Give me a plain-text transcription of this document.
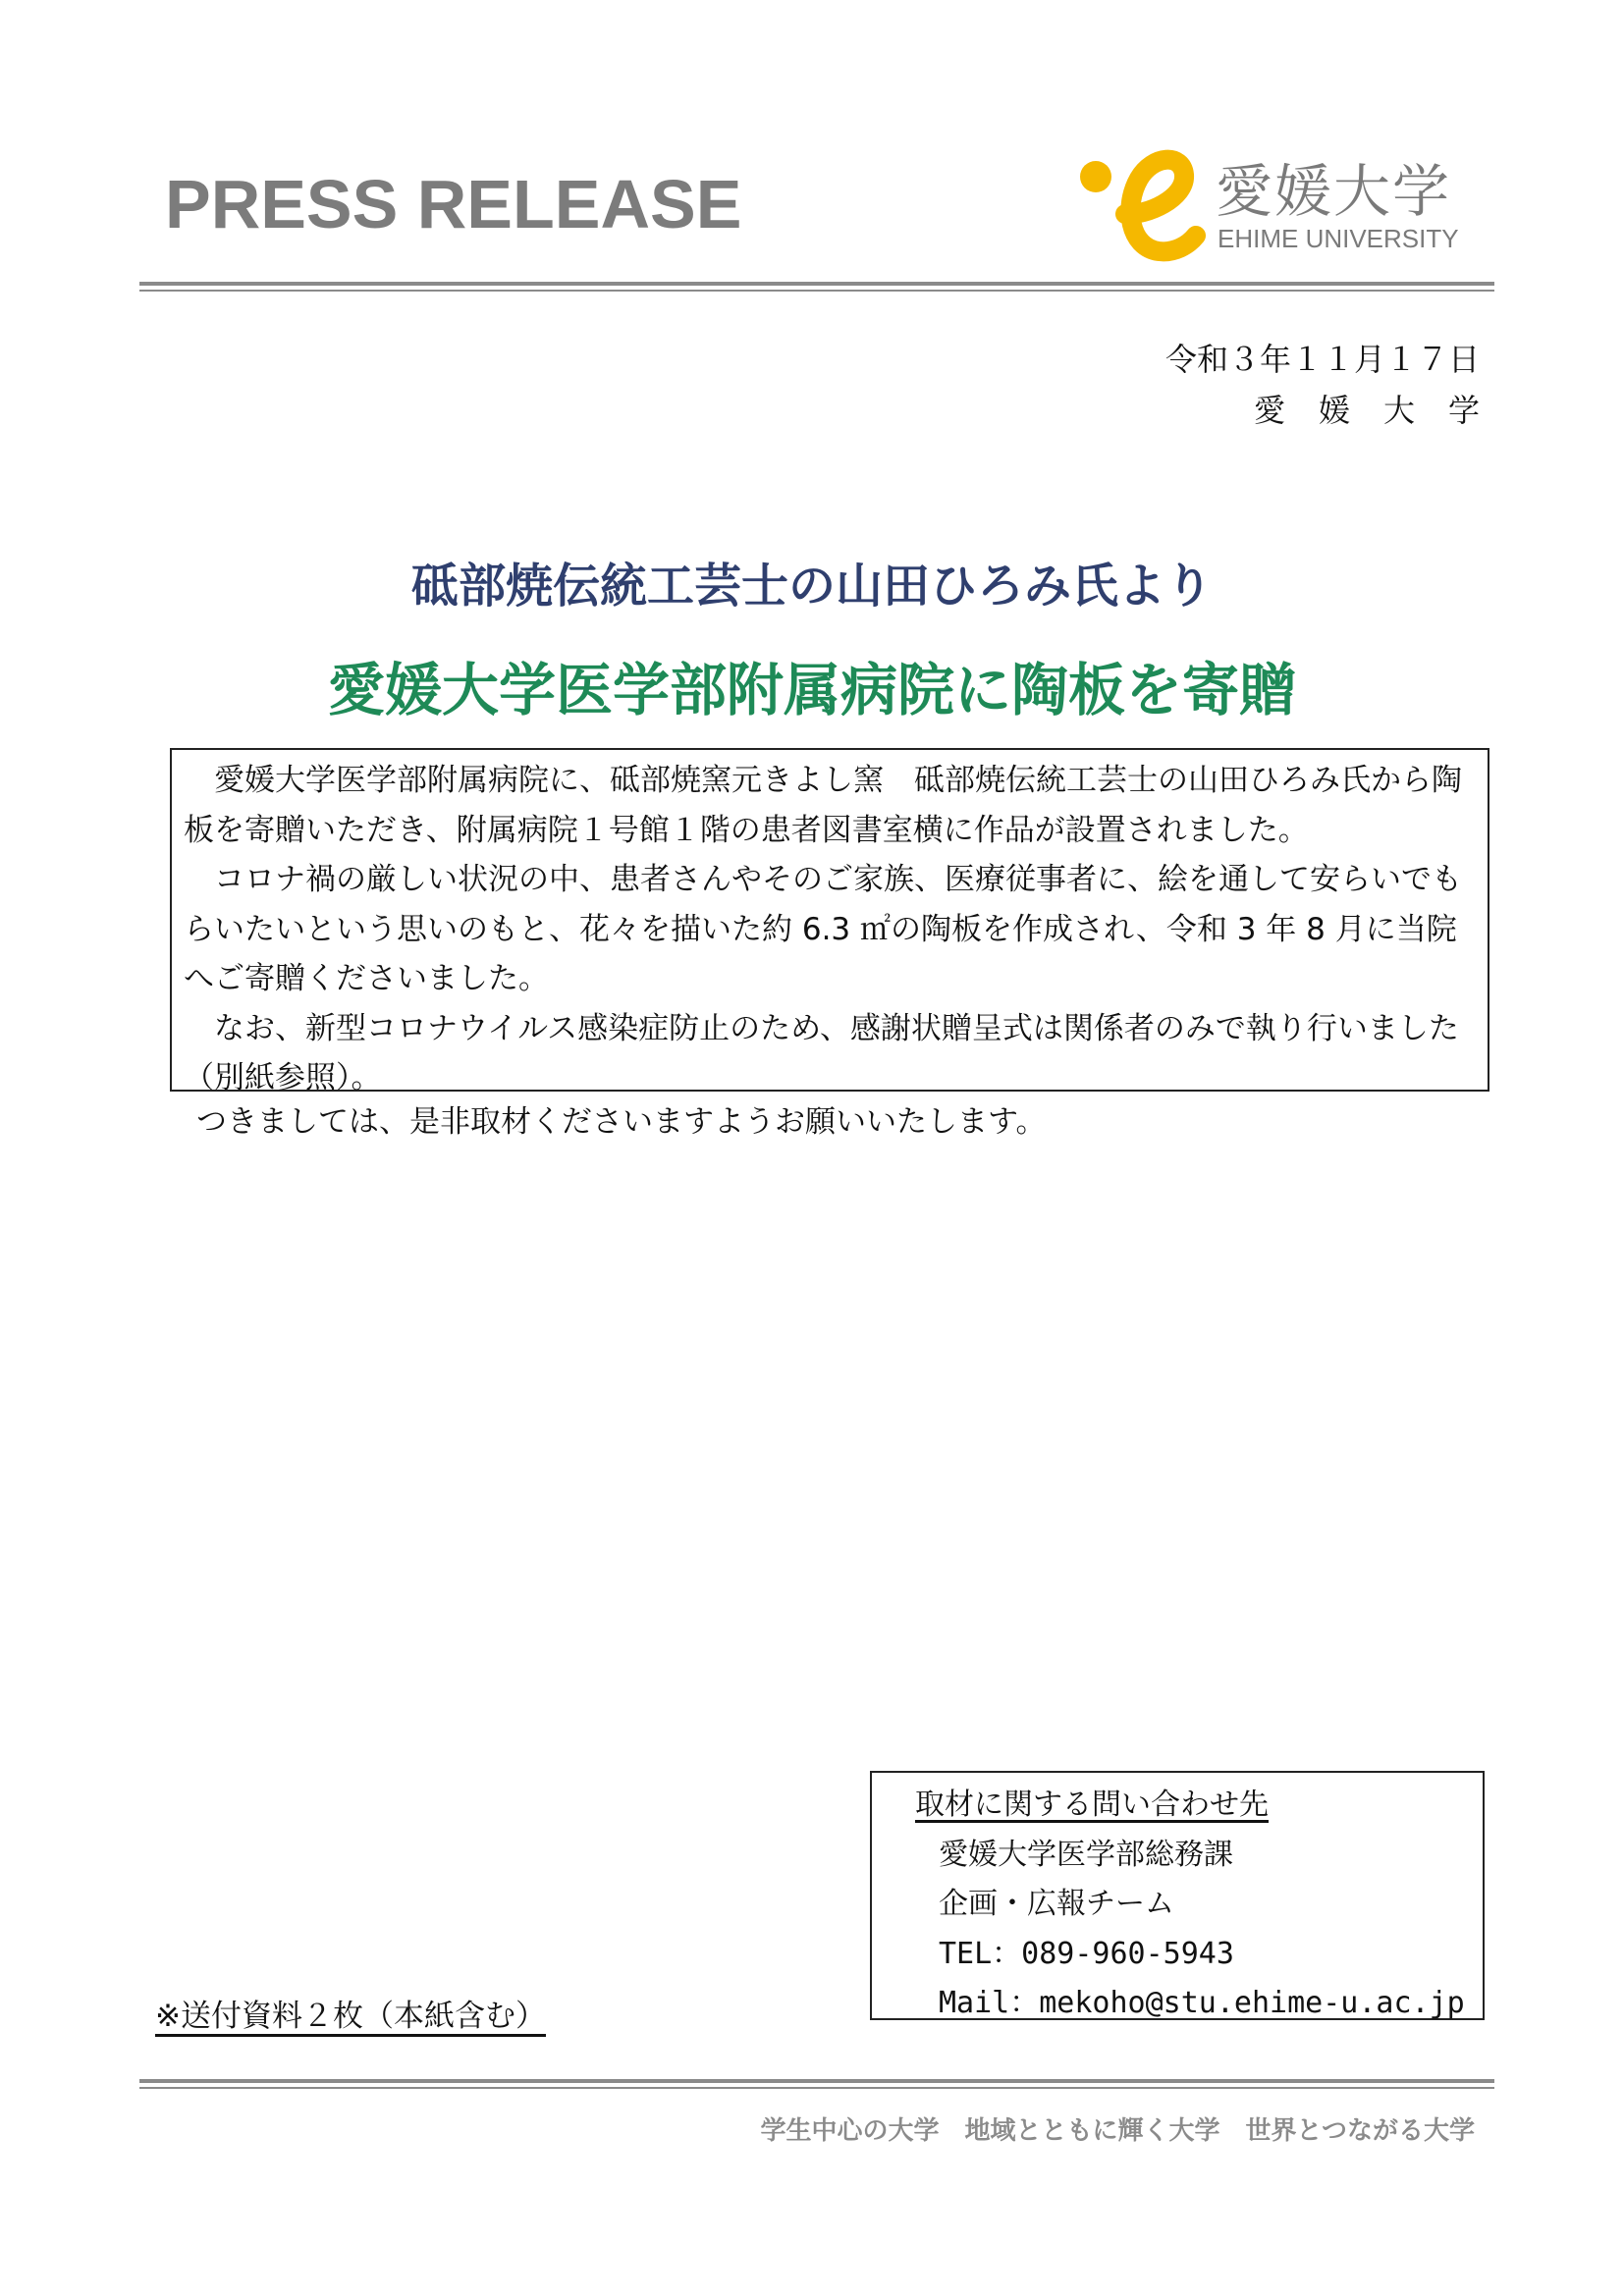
PRESS RELEASE	愛媛大学
EHIME UNIVERSITY
令和３年１１月１７日
愛媛大学
砥部焼伝統工芸士の山田ひろみ氏より
愛媛大学医学部附属病院に陶板を寄贈

愛媛大学医学部附属病院に、砥部焼窯元きよし窯　砥部焼伝統工芸士の山田ひろみ氏から陶板を寄贈いただき、附属病院１号館１階の患者図書室横に作品が設置されました。

コロナ禍の厳しい状況の中、患者さんやそのご家族、医療従事者に、絵を通して安らいでもらいたいという思いのもと、花々を描いた約 6.3 ㎡の陶板を作成され、令和 3 年 8 月に当院へご寄贈くださいました。

なお、新型コロナウイルス感染症防止のため、感謝状贈呈式は関係者のみで執り行いました（別紙参照）。

つきましては、是非取材くださいますようお願いいたします。

取材に関する問い合わせ先

愛媛大学医学部総務課

企画・広報チーム

TEL：089-960-5943

Mail：mekoho@stu.ehime-u.ac.jp

※送付資料２枚（本紙含む）

学生中心の大学　地域とともに輝く大学　世界とつながる大学
